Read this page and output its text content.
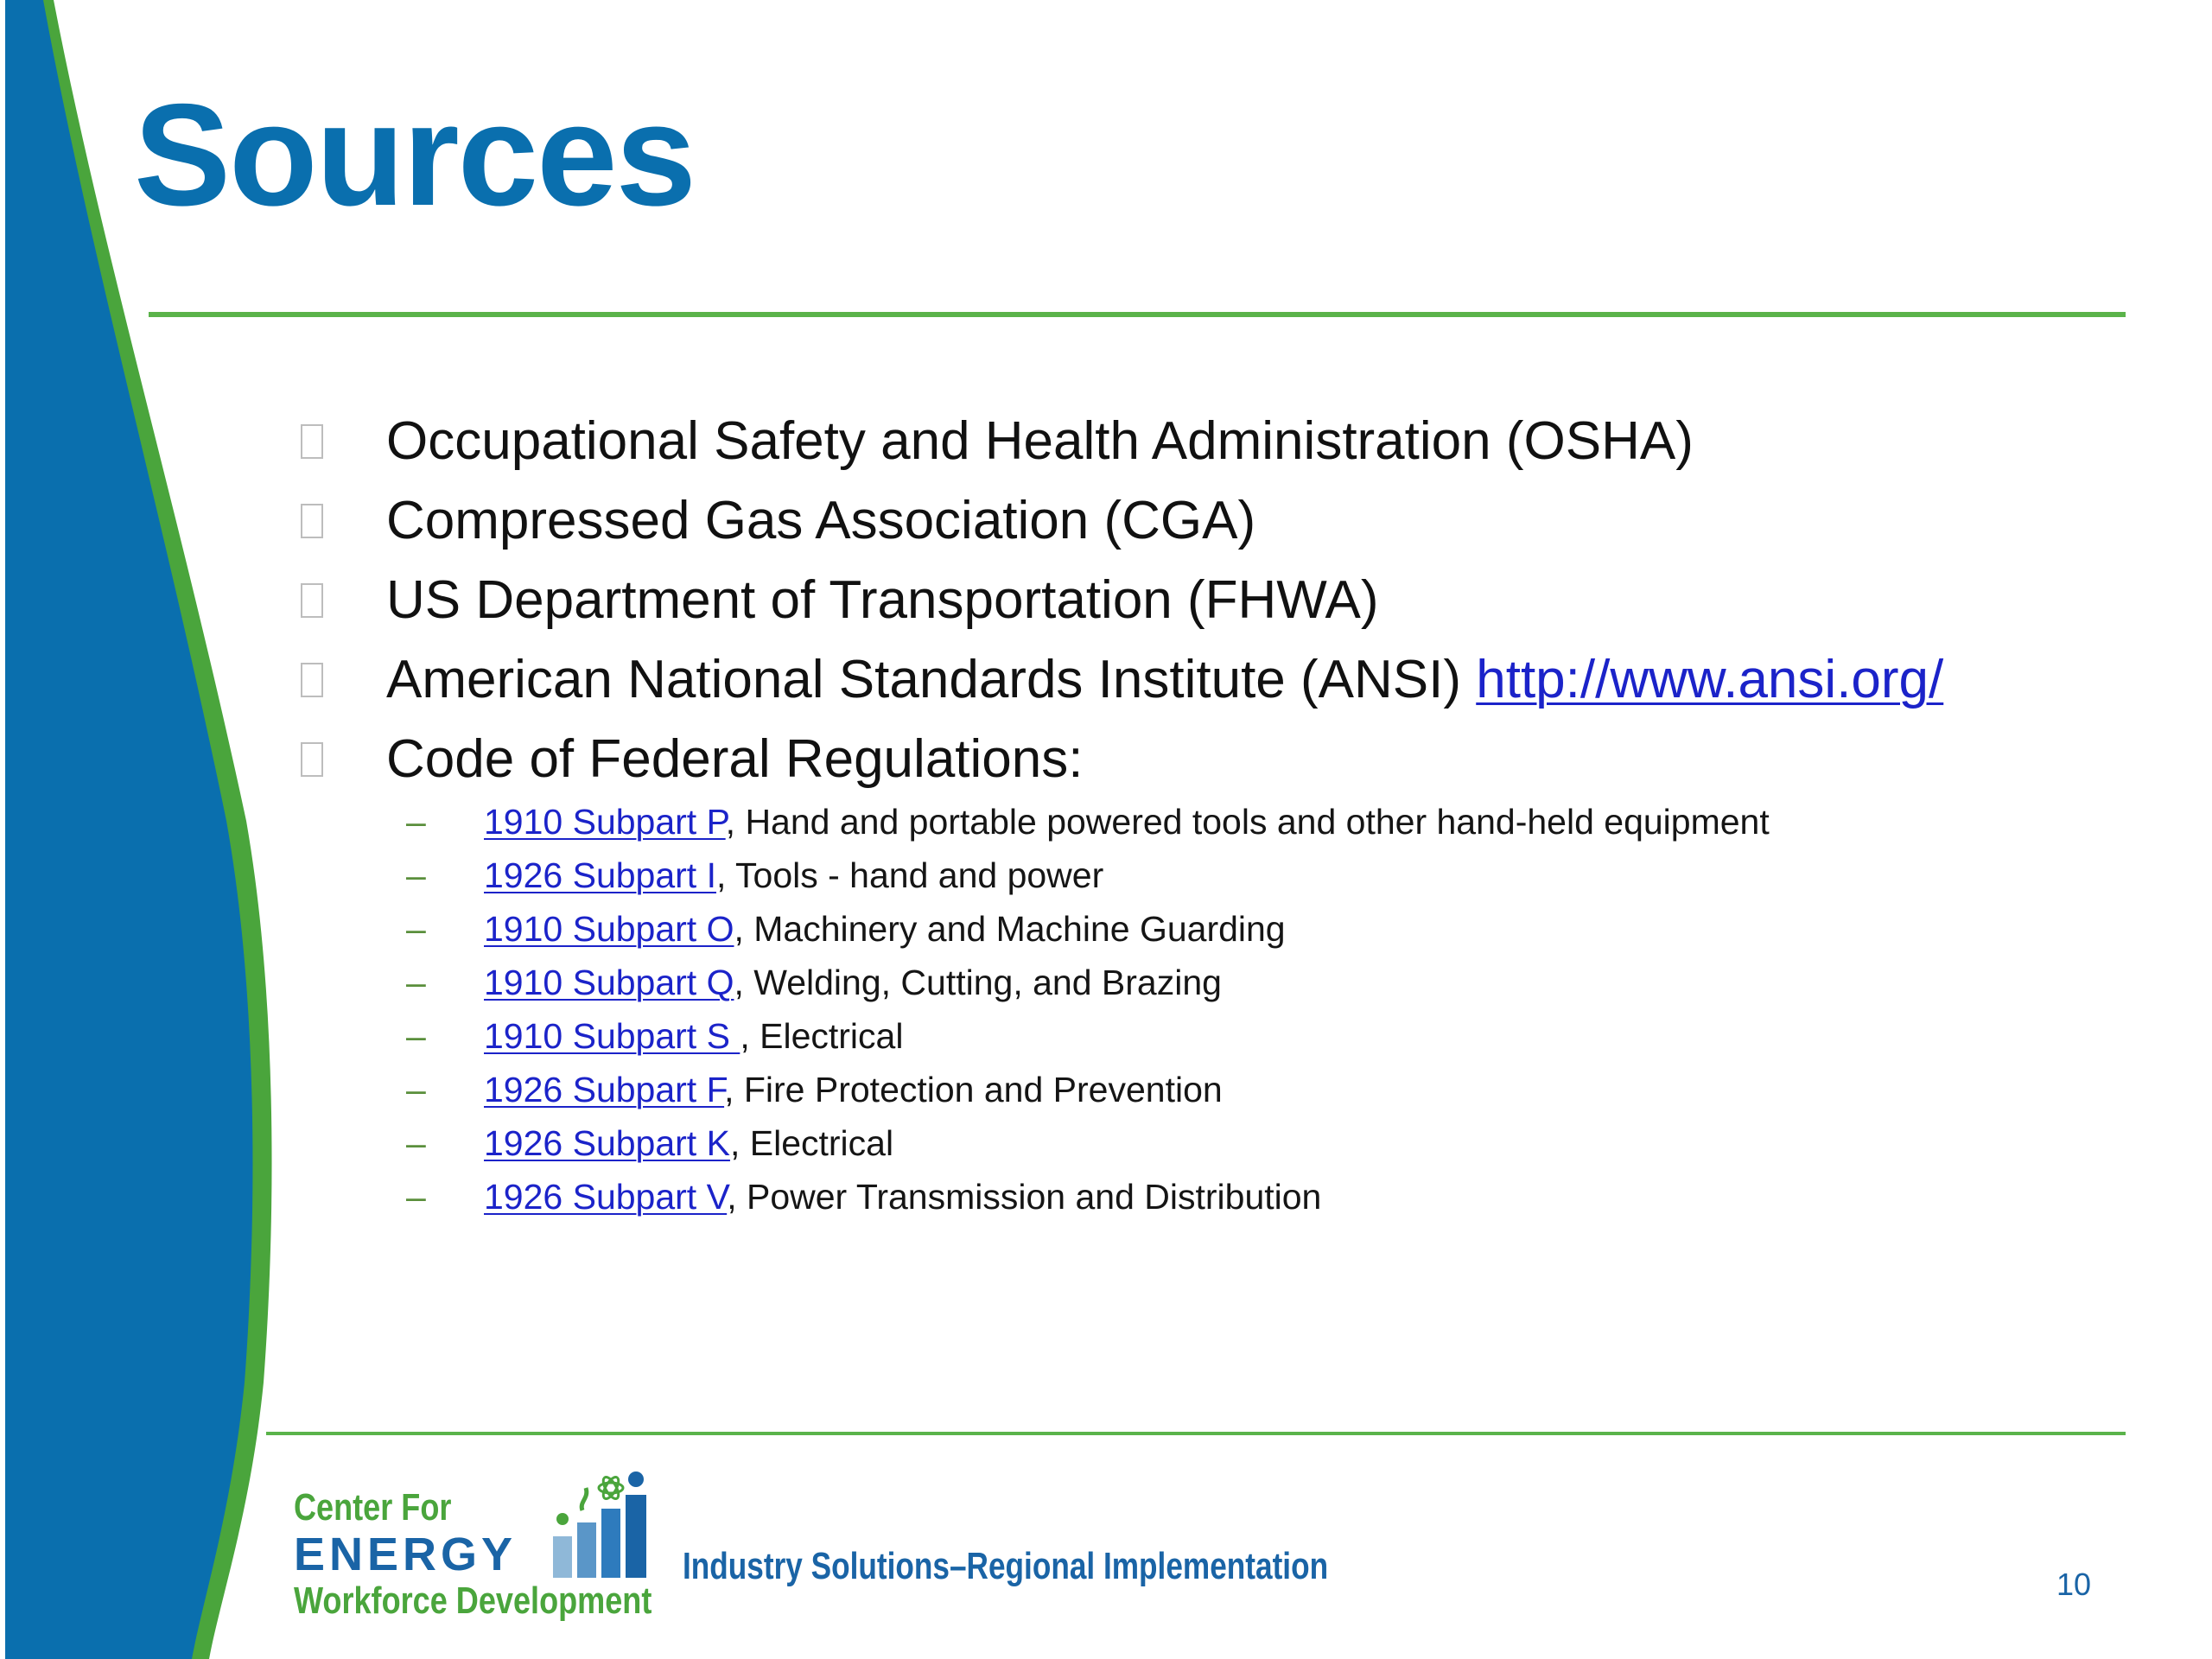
Sources
Occupational Safety and Health Administration (OSHA)
Compressed Gas Association (CGA)
US Department of Transportation (FHWA)
American National Standards Institute (ANSI) http://www.ansi.org/
Code of Federal Regulations:
– 1910 Subpart P, Hand and portable powered tools and other hand-held equipment
– 1926 Subpart I, Tools - hand and power
– 1910 Subpart O, Machinery and Machine Guarding
– 1910 Subpart Q, Welding, Cutting, and Brazing
– 1910 Subpart S , Electrical
– 1926 Subpart F, Fire Protection and Prevention
– 1926 Subpart K, Electrical
– 1926 Subpart V, Power Transmission and Distribution
Center For
ENERGY
Workforce Development
Industry Solutions–Regional Implementation	10
